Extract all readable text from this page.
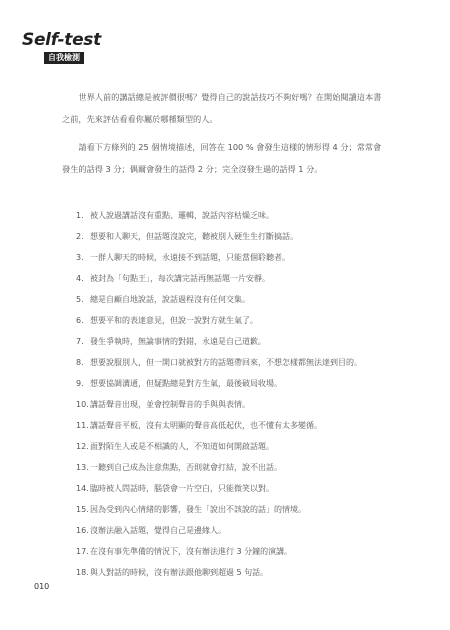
Self-test
自我檢測

世界人前的講話總是被評價很嗎？覺得自己的說話技巧不夠好嗎？在開始閱讀這本書之前，先來評估看看你屬於哪種類型的人。

請看下方條列的 25 個情境描述，回答在 100 % 會發生這樣的情形得 4 分；常常會發生的話得 3 分；偶爾會發生的話得 2 分；完全沒發生過的話得 1 分。

1. 被人說過講話沒有重點、邏輯，說話內容枯燥乏味。
2. 想要和人聊天，但話題沒說完，聽被別人硬生生打斷搞話。
3. 一群人聊天的時候，永遠接不到話題，只能當個聆聽者。
4. 被封為「句點王」，每次講完話再無話題一片安靜。
5. 總是自顧自地說話，說話過程沒有任何交集。
6. 想要平和的表達意見，但說一說對方就生氣了。
7. 發生爭執時，無論事情的對錯，永遠是自己道歉。
8. 想要說服別人，但一開口就被對方的話題帶回來，不想怎樣都無法達到目的。
9. 想要協調溝通，但疑點總是對方生氣，最後破局收場。
10.講話聲音出現，並會控制聲音的手與與表情。
11.講話聲音平板，沒有太明顯的聲音高低起伏，也不懂有太多變循。
12.面對陌生人或是不相識的人，不知道如何開啟話題。
13.一聽到自己成為注意焦點，否則就會打結，說不出話。
14.臨時被人問話時，腦袋會一片空白，只能微笑以對。
15.因為受到內心情緒的影響，發生「說出不該說的話」的情境。
16.沒辦法融入話題，覺得自己是邊緣人。
17.在沒有事先準備的情況下，沒有辦法進行 3 分鐘的演講。
18.與人對話的時候，沒有辦法跟他聊到超過 5 句話。
010
